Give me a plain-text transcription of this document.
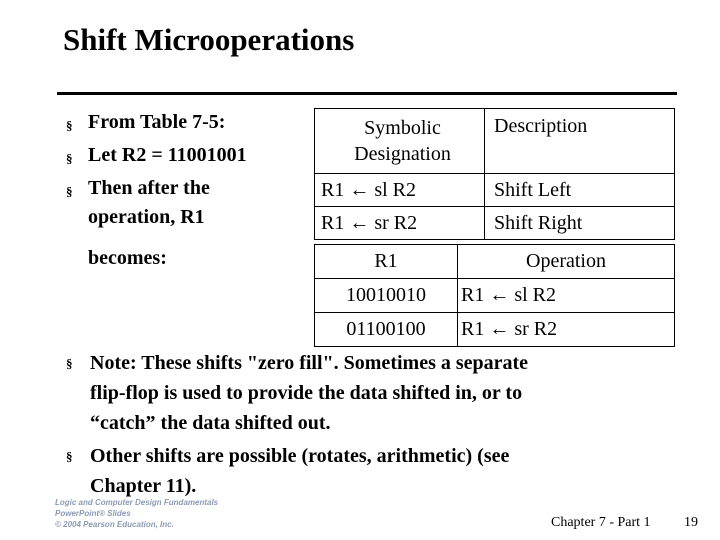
Shift Microoperations
§ From Table 7-5:
§ Let R2 = 11001001
§ Then after the
operation, R1
becomes:
Symbolic
Designation	Description
R1 ← sl R2	Shift Left
R1 ← sr R2	Shift Right
R1	Operation
10010010	R1 ← sl R2
01100100	R1 ← sr R2
§ Note: These shifts "zero fill". Sometimes a separate
flip-flop is used to provide the data shifted in, or to
“catch” the data shifted out.
§ Other shifts are possible (rotates, arithmetic) (see
Chapter 11).
Logic and Computer Design Fundamentals
PowerPoint® Slides
© 2004 Pearson Education, Inc.	Chapter 7 - Part 1 19
